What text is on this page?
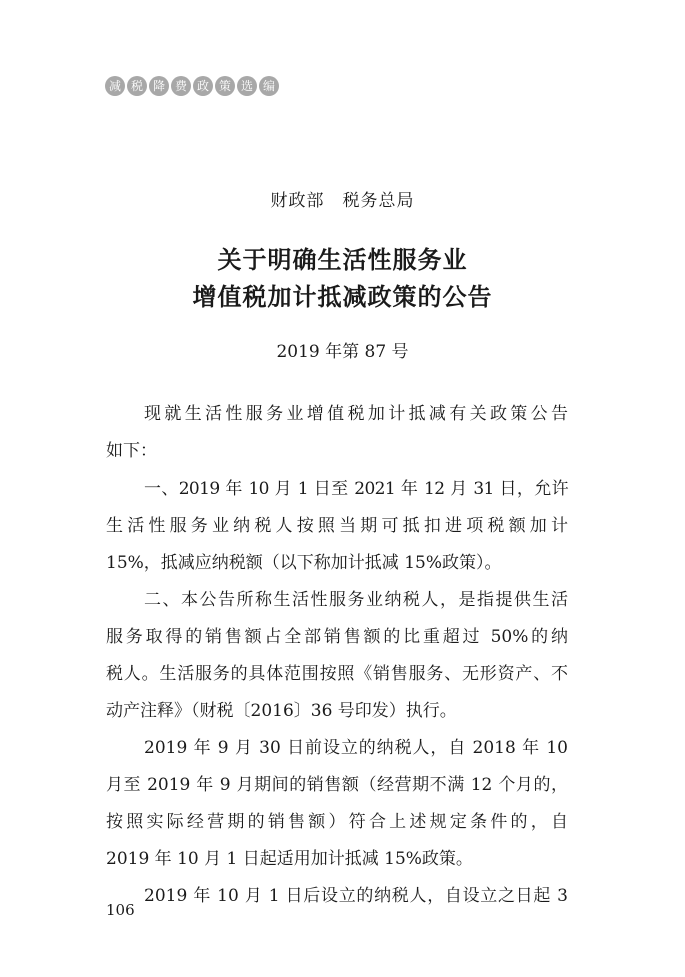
减 税 降 费 政 策 选 编
财政部 税务总局
关于明确生活性服务业
增值税加计抵减政策的公告
2019 年第 87 号
现就生活性服务业增值税加计抵减有关政策公告
如下：
一、2019 年 10 月 1 日至 2021 年 12 月 31 日，允许
生活性服务业纳税人按照当期可抵扣进项税额加计
15%，抵减应纳税额（以下称加计抵减 15%政策）。
二、本公告所称生活性服务业纳税人，是指提供生活
服务取得的销售额占全部销售额的比重超过 50%的纳
税人。生活服务的具体范围按照《销售服务、无形资产、不
动产注释》（财税〔2016〕36 号印发）执行。
2019 年 9 月 30 日前设立的纳税人，自 2018 年 10
月至 2019 年 9 月期间的销售额（经营期不满 12 个月的，
按照实际经营期的销售额）符合上述规定条件的，自
2019 年 10 月 1 日起适用加计抵减 15%政策。
2019 年 10 月 1 日后设立的纳税人，自设立之日起 3
106
